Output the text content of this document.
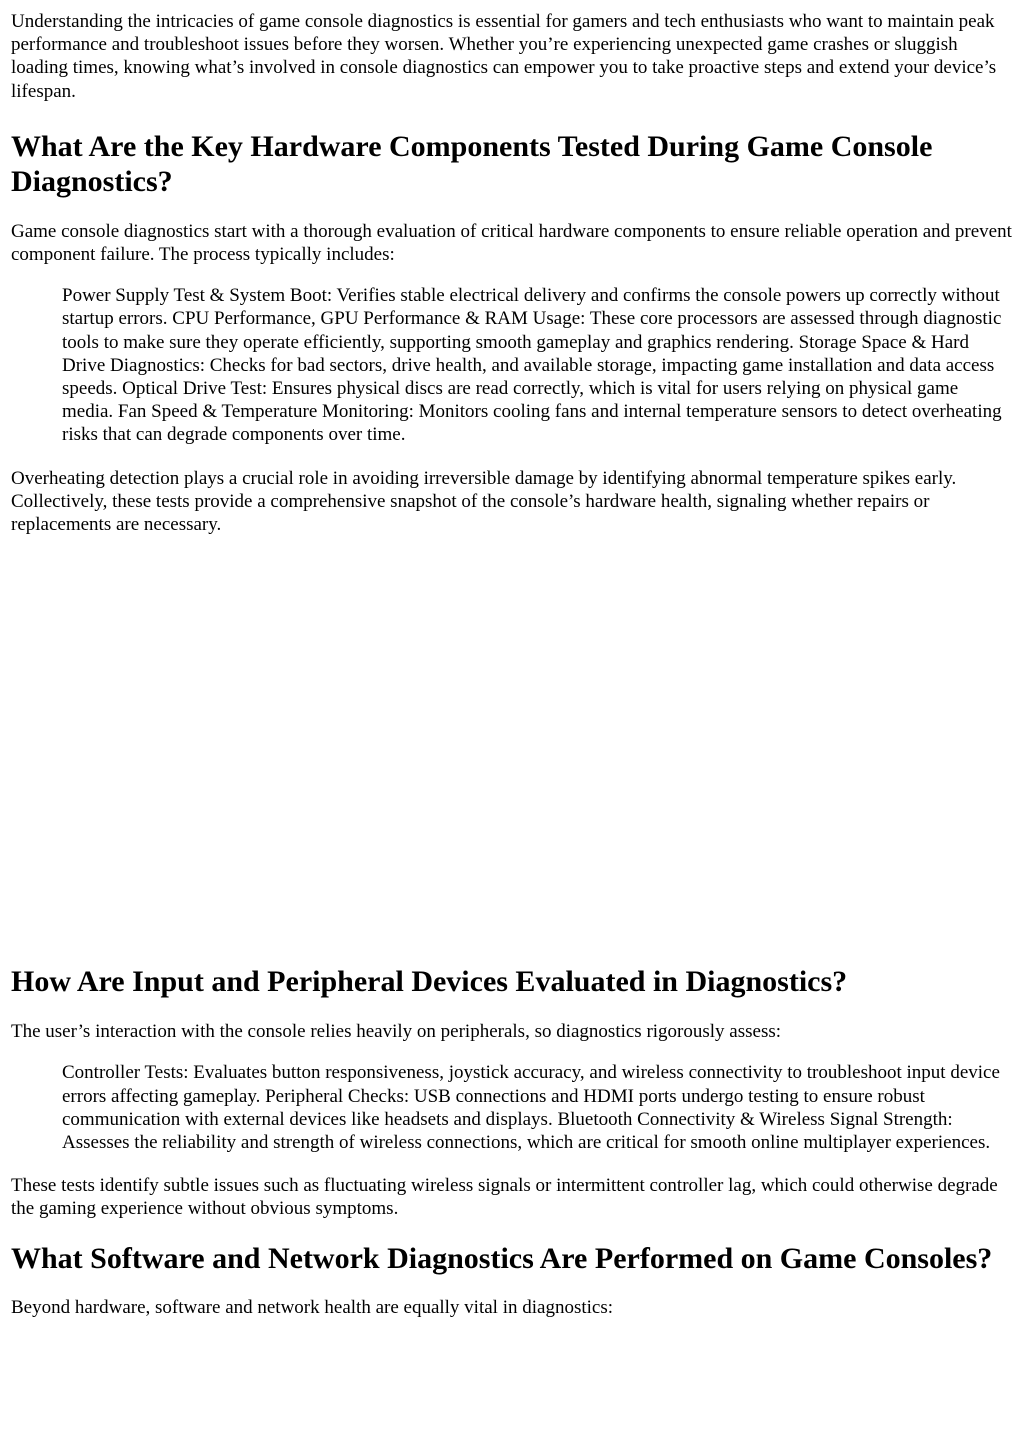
Understanding the intricacies of game console diagnostics is essential for gamers and tech enthusiasts who want to maintain peak performance and troubleshoot issues before they worsen. Whether you’re experiencing unexpected game crashes or sluggish loading times, knowing what’s involved in console diagnostics can empower you to take proactive steps and extend your device’s lifespan.

What Are the Key Hardware Components Tested During Game Console Diagnostics?

Game console diagnostics start with a thorough evaluation of critical hardware components to ensure reliable operation and prevent component failure. The process typically includes:

Power Supply Test & System Boot: Verifies stable electrical delivery and confirms the console powers up correctly without startup errors. CPU Performance, GPU Performance & RAM Usage: These core processors are assessed through diagnostic tools to make sure they operate efficiently, supporting smooth gameplay and graphics rendering. Storage Space & Hard Drive Diagnostics: Checks for bad sectors, drive health, and available storage, impacting game installation and data access speeds. Optical Drive Test: Ensures physical discs are read correctly, which is vital for users relying on physical game media. Fan Speed & Temperature Monitoring: Monitors cooling fans and internal temperature sensors to detect overheating risks that can degrade components over time.

Overheating detection plays a crucial role in avoiding irreversible damage by identifying abnormal temperature spikes early. Collectively, these tests provide a comprehensive snapshot of the console’s hardware health, signaling whether repairs or replacements are necessary.

How Are Input and Peripheral Devices Evaluated in Diagnostics?

The user’s interaction with the console relies heavily on peripherals, so diagnostics rigorously assess:

Controller Tests: Evaluates button responsiveness, joystick accuracy, and wireless connectivity to troubleshoot input device errors affecting gameplay. Peripheral Checks: USB connections and HDMI ports undergo testing to ensure robust communication with external devices like headsets and displays. Bluetooth Connectivity & Wireless Signal Strength: Assesses the reliability and strength of wireless connections, which are critical for smooth online multiplayer experiences.

These tests identify subtle issues such as fluctuating wireless signals or intermittent controller lag, which could otherwise degrade the gaming experience without obvious symptoms.

What Software and Network Diagnostics Are Performed on Game Consoles?

Beyond hardware, software and network health are equally vital in diagnostics:
